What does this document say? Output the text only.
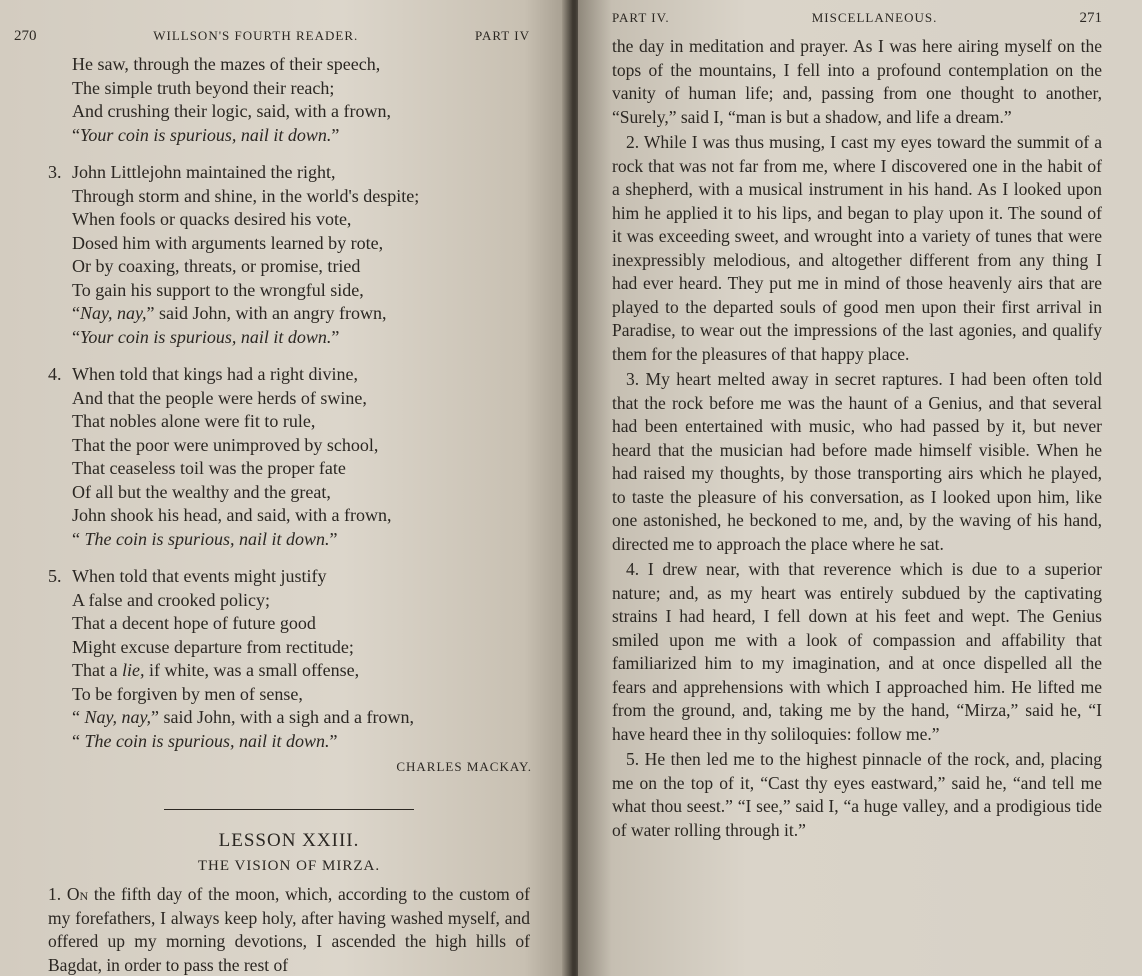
270	WILLSON'S FOURTH READER.	PART IV
He saw, through the mazes of their speech,
The simple truth beyond their reach;
And crushing their logic, said, with a frown,
“Your coin is spurious, nail it down.”
3. John Littlejohn maintained the right,
Through storm and shine, in the world's despite;
When fools or quacks desired his vote,
Dosed him with arguments learned by rote,
Or by coaxing, threats, or promise, tried
To gain his support to the wrongful side,
“Nay, nay,” said John, with an angry frown,
“Your coin is spurious, nail it down.”
4. When told that kings had a right divine,
And that the people were herds of swine,
That nobles alone were fit to rule,
That the poor were unimproved by school,
That ceaseless toil was the proper fate
Of all but the wealthy and the great,
John shook his head, and said, with a frown,
“ The coin is spurious, nail it down.”
5. When told that events might justify
A false and crooked policy;
That a decent hope of future good
Might excuse departure from rectitude;
That a lie, if white, was a small offense,
To be forgiven by men of sense,
“ Nay, nay,” said John, with a sigh and a frown,
“ The coin is spurious, nail it down.”
CHARLES MACKAY.
LESSON XXIII.
THE VISION OF MIRZA.

1. On the fifth day of the moon, which, according to the custom of my forefathers, I always keep holy, after having washed myself, and offered up my morning devotions, I ascended the high hills of Bagdat, in order to pass the rest of

PART IV.	MISCELLANEOUS.	271

the day in meditation and prayer. As I was here airing myself on the tops of the mountains, I fell into a profound contemplation on the vanity of human life; and, passing from one thought to another, “Surely,” said I, “man is but a shadow, and life a dream.”

2. While I was thus musing, I cast my eyes toward the summit of a rock that was not far from me, where I discovered one in the habit of a shepherd, with a musical instrument in his hand. As I looked upon him he applied it to his lips, and began to play upon it. The sound of it was exceeding sweet, and wrought into a variety of tunes that were inexpressibly melodious, and altogether different from any thing I had ever heard. They put me in mind of those heavenly airs that are played to the departed souls of good men upon their first arrival in Paradise, to wear out the impressions of the last agonies, and qualify them for the pleasures of that happy place.

3. My heart melted away in secret raptures. I had been often told that the rock before me was the haunt of a Genius, and that several had been entertained with music, who had passed by it, but never heard that the musician had before made himself visible. When he had raised my thoughts, by those transporting airs which he played, to taste the pleasure of his conversation, as I looked upon him, like one astonished, he beckoned to me, and, by the waving of his hand, directed me to approach the place where he sat.

4. I drew near, with that reverence which is due to a superior nature; and, as my heart was entirely subdued by the captivating strains I had heard, I fell down at his feet and wept. The Genius smiled upon me with a look of compassion and affability that familiarized him to my imagination, and at once dispelled all the fears and apprehensions with which I approached him. He lifted me from the ground, and, taking me by the hand, “Mirza,” said he, “I have heard thee in thy soliloquies: follow me.”

5. He then led me to the highest pinnacle of the rock, and, placing me on the top of it, “Cast thy eyes eastward,” said he, “and tell me what thou seest.” “I see,” said I, “a huge valley, and a prodigious tide of water rolling through it.”
